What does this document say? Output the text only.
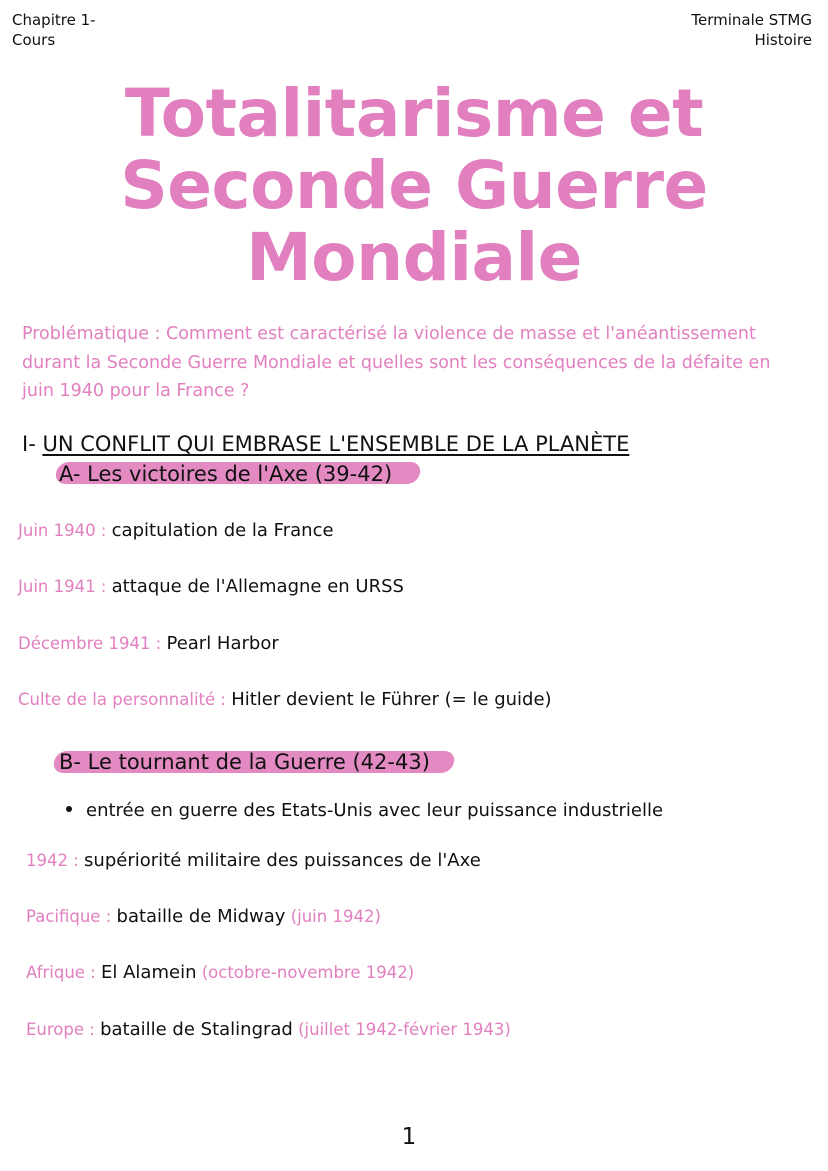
Chapitre 1-
Cours
Terminale STMG
Histoire
Totalitarisme et
Seconde Guerre
Mondiale
Problématique : Comment est caractérisé la violence de masse et l'anéantissement durant la Seconde Guerre Mondiale et quelles sont les conséquences de la défaite en juin 1940 pour la France ?
I- UN CONFLIT QUI EMBRASE L'ENSEMBLE DE LA PLANÈTE
A- Les victoires de l'Axe (39-42)
Juin 1940 : capitulation de la France
Juin 1941 : attaque de l'Allemagne en URSS
Décembre 1941 : Pearl Harbor
Culte de la personnalité : Hitler devient le Führer (= le guide)
B- Le tournant de la Guerre (42-43)
entrée en guerre des Etats-Unis avec leur puissance industrielle
1942 : supériorité militaire des puissances de l'Axe
Pacifique : bataille de Midway (juin 1942)
Afrique : El Alamein (octobre-novembre 1942)
Europe : bataille de Stalingrad (juillet 1942-février 1943)
1
